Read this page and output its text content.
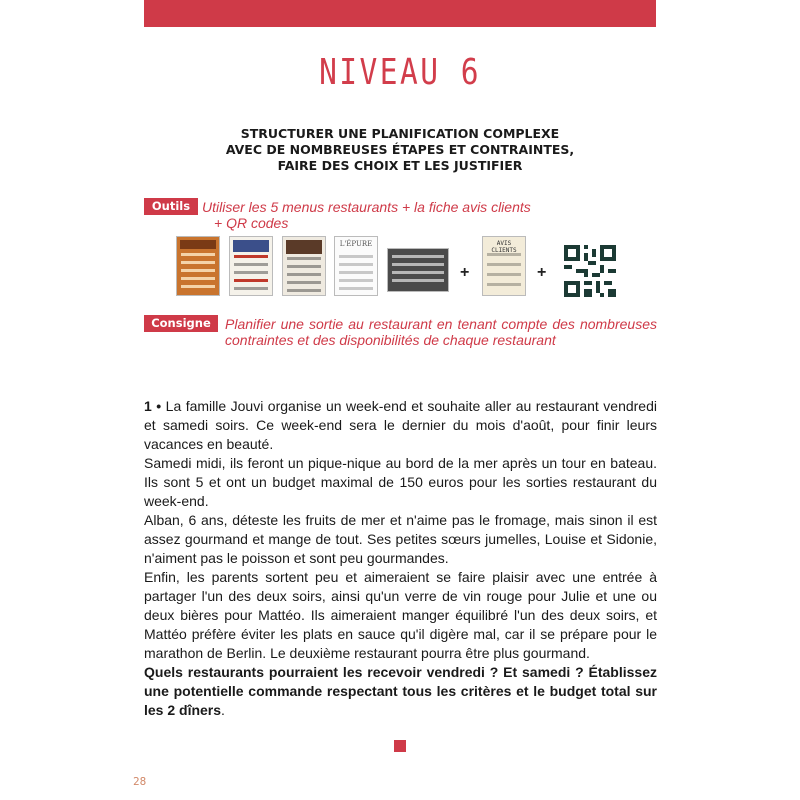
NIVEAU 6
STRUCTURER UNE PLANIFICATION COMPLEXE
AVEC DE NOMBREUSES ÉTAPES ET CONTRAINTES,
FAIRE DES CHOIX ET LES JUSTIFIER
Outils Utiliser les 5 menus restaurants + la fiche avis clients
+ QR codes
L'ÉPURE
+
AVIS CLIENTS
+
Consigne	Planifier une sortie au restaurant en tenant compte des nombreuses contraintes et des disponibilités de chaque restaurant

1 • La famille Jouvi organise un week-end et souhaite aller au restaurant vendredi et samedi soirs. Ce week-end sera le dernier du mois d'août, pour finir leurs vacances en beauté.

Samedi midi, ils feront un pique-nique au bord de la mer après un tour en bateau. Ils sont 5 et ont un budget maximal de 150 euros pour les sorties restaurant du week-end.

Alban, 6 ans, déteste les fruits de mer et n'aime pas le fromage, mais sinon il est assez gourmand et mange de tout. Ses petites sœurs jumelles, Louise et Sidonie, n'aiment pas le poisson et sont peu gourmandes.

Enfin, les parents sortent peu et aimeraient se faire plaisir avec une entrée à partager l'un des deux soirs, ainsi qu'un verre de vin rouge pour Julie et une ou deux bières pour Mattéo. Ils aimeraient manger équilibré l'un des deux soirs, et Mattéo préfère éviter les plats en sauce qu'il digère mal, car il se prépare pour le marathon de Berlin. Le deuxième restaurant pourra être plus gourmand.

Quels restaurants pourraient les recevoir vendredi ? Et samedi ? Établissez une potentielle commande respectant tous les critères et le budget total sur les 2 dîners.

28
